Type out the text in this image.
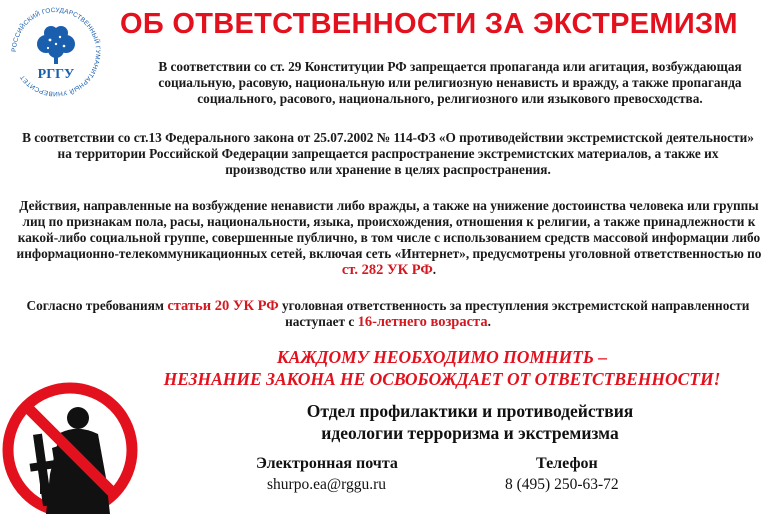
РОССИЙСКИЙ ГОСУДАРСТВЕННЫЙ ГУМАНИТАРНЫЙ УНИВЕРСИТЕТ РГГУ
ОБ ОТВЕТСТВЕННОСТИ ЗА ЭКСТРЕМИЗМ
В соответствии со ст. 29 Конституции РФ запрещается пропаганда или агитация, возбуждающая социальную, расовую, национальную или религиозную ненависть и вражду, а также пропаганда социального, расового, национального, религиозного или языкового превосходства.
В соответствии со ст.13 Федерального закона от 25.07.2002 № 114-ФЗ «О противодействии экстремистской деятельности» на территории Российской Федерации запрещается распространение экстремистских материалов, а также их производство или хранение в целях распространения.
Действия, направленные на возбуждение ненависти либо вражды, а также на унижение достоинства человека или группы лиц по признакам пола, расы, национальности, языка, происхождения, отношения к религии, а также принадлежности к какой-либо социальной группе, совершенные публично, в том числе с использованием средств массовой информации либо информационно-телекоммуникационных сетей, включая сеть «Интернет», предусмотрены уголовной ответственностью по ст. 282 УК РФ.
Согласно требованиям статьи 20 УК РФ уголовная ответственность за преступления экстремистской направленности наступает с 16-летнего возраста.
КАЖДОМУ НЕОБХОДИМО ПОМНИТЬ –
НЕЗНАНИЕ ЗАКОНА НЕ ОСВОБОЖДАЕТ ОТ ОТВЕТСТВЕННОСТИ!
Отдел профилактики и противодействия
идеологии терроризма и экстремизма
Электронная почта
shurpo.ea@rggu.ru
Телефон
8 (495) 250-63-72
